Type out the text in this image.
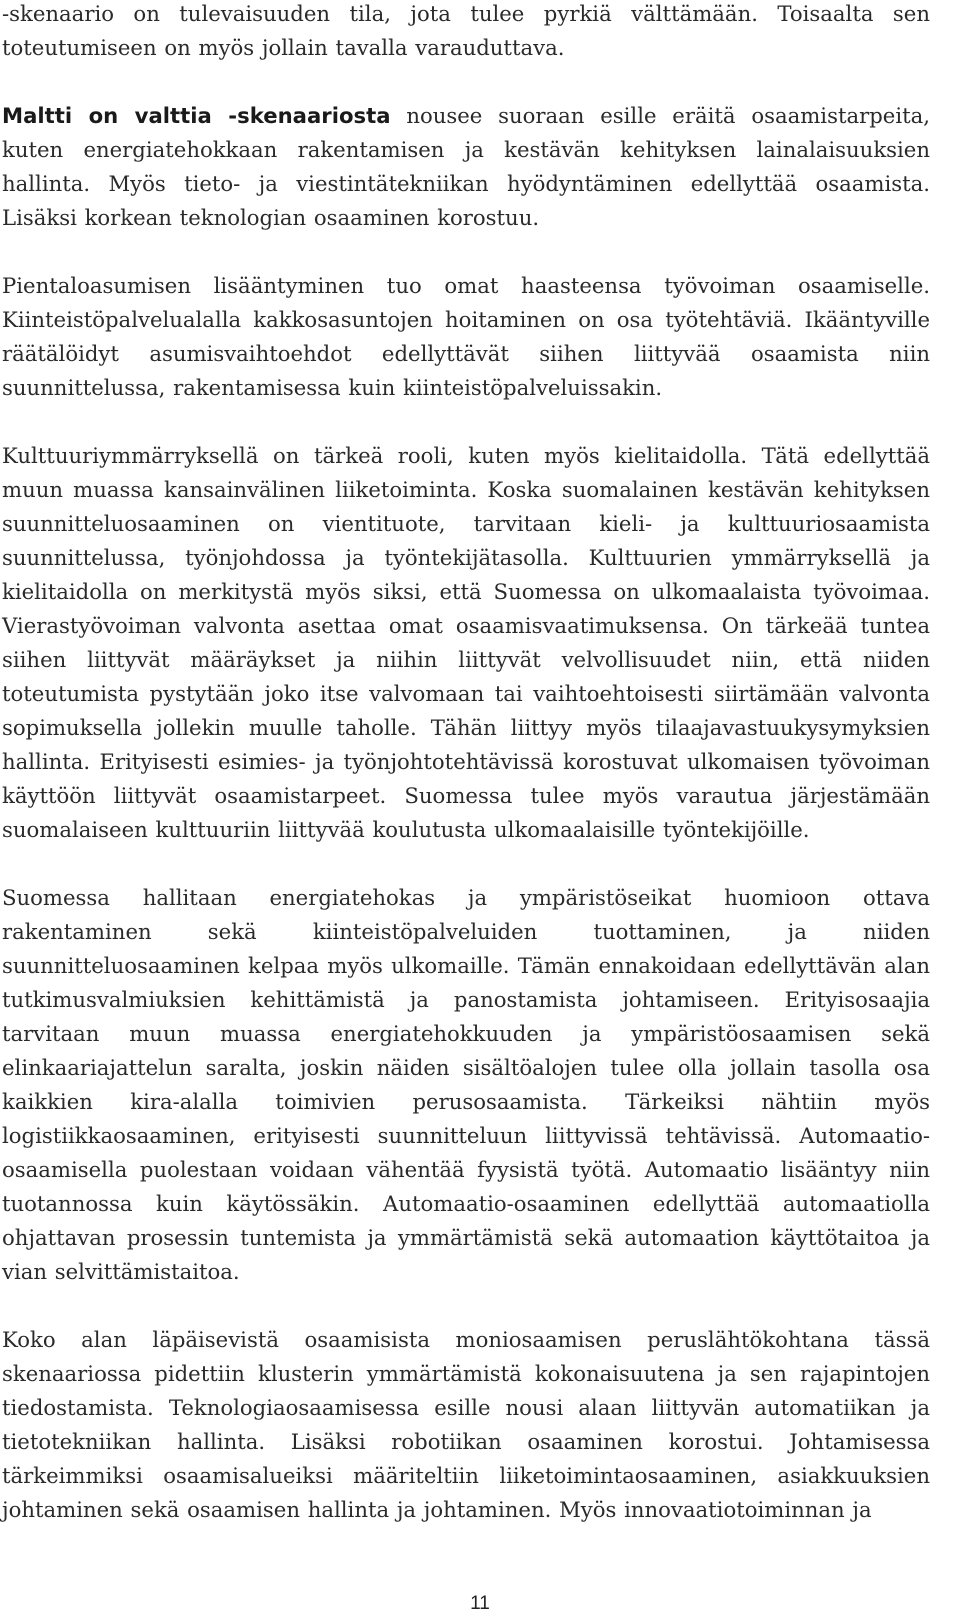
-skenaario on tulevaisuuden tila, jota tulee pyrkiä välttämään. Toisaalta sen toteutumiseen on myös jollain tavalla varauduttava.

Maltti on valttia -skenaariosta nousee suoraan esille eräitä osaamistarpeita, kuten energiatehokkaan rakentamisen ja kestävän kehityksen lainalaisuuksien hallinta. Myös tieto- ja viestintätekniikan hyödyntäminen edellyttää osaamista. Lisäksi korkean teknologian osaaminen korostuu.

Pientaloasumisen lisääntyminen tuo omat haasteensa työvoiman osaamiselle. Kiinteistöpalvelualalla kakkosasuntojen hoitaminen on osa työtehtäviä. Ikääntyville räätälöidyt asumisvaihtoehdot edellyttävät siihen liittyvää osaamista niin suunnittelussa, rakentamisessa kuin kiinteistöpalveluissakin.

Kulttuuriymmärryksellä on tärkeä rooli, kuten myös kielitaidolla. Tätä edellyttää muun muassa kansainvälinen liiketoiminta. Koska suomalainen kestävän kehityksen suunnitteluosaaminen on vientituote, tarvitaan kieli- ja kulttuuriosaamista suunnittelussa, työnjohdossa ja työntekijätasolla. Kulttuurien ymmärryksellä ja kielitaidolla on merkitystä myös siksi, että Suomessa on ulkomaalaista työvoimaa. Vierastyövoiman valvonta asettaa omat osaamisvaatimuksensa. On tärkeää tuntea siihen liittyvät määräykset ja niihin liittyvät velvollisuudet niin, että niiden toteutumista pystytään joko itse valvomaan tai vaihtoehtoisesti siirtämään valvonta sopimuksella jollekin muulle taholle. Tähän liittyy myös tilaajavastuukysymyksien hallinta. Erityisesti esimies- ja työnjohtotehtävissä korostuvat ulkomaisen työvoiman käyttöön liittyvät osaamistarpeet. Suomessa tulee myös varautua järjestämään suomalaiseen kulttuuriin liittyvää koulutusta ulkomaalaisille työntekijöille.

Suomessa hallitaan energiatehokas ja ympäristöseikat huomioon ottava rakentaminen sekä kiinteistöpalveluiden tuottaminen, ja niiden suunnitteluosaaminen kelpaa myös ulkomaille. Tämän ennakoidaan edellyttävän alan tutkimusvalmiuksien kehittämistä ja panostamista johtamiseen. Erityisosaajia tarvitaan muun muassa energiatehokkuuden ja ympäristöosaamisen sekä elinkaariajattelun saralta, joskin näiden sisältöalojen tulee olla jollain tasolla osa kaikkien kira-alalla toimivien perusosaamista. Tärkeiksi nähtiin myös logistiikkaosaaminen, erityisesti suunnitteluun liittyvissä tehtävissä. Automaatio-osaamisella puolestaan voidaan vähentää fyysistä työtä. Automaatio lisääntyy niin tuotannossa kuin käytössäkin. Automaatio-osaaminen edellyttää automaatiolla ohjattavan prosessin tuntemista ja ymmärtämistä sekä automaation käyttötaitoa ja vian selvittämistaitoa.

Koko alan läpäisevistä osaamisista moniosaamisen peruslähtökohtana tässä skenaariossa pidettiin klusterin ymmärtämistä kokonaisuutena ja sen rajapintojen tiedostamista. Teknologiaosaamisessa esille nousi alaan liittyvän automatiikan ja tietotekniikan hallinta. Lisäksi robotiikan osaaminen korostui. Johtamisessa tärkeimmiksi osaamisalueiksi määriteltiin liiketoimintaosaaminen, asiakkuuksien johtaminen sekä osaamisen hallinta ja johtaminen. Myös innovaatiotoiminnan ja

11
